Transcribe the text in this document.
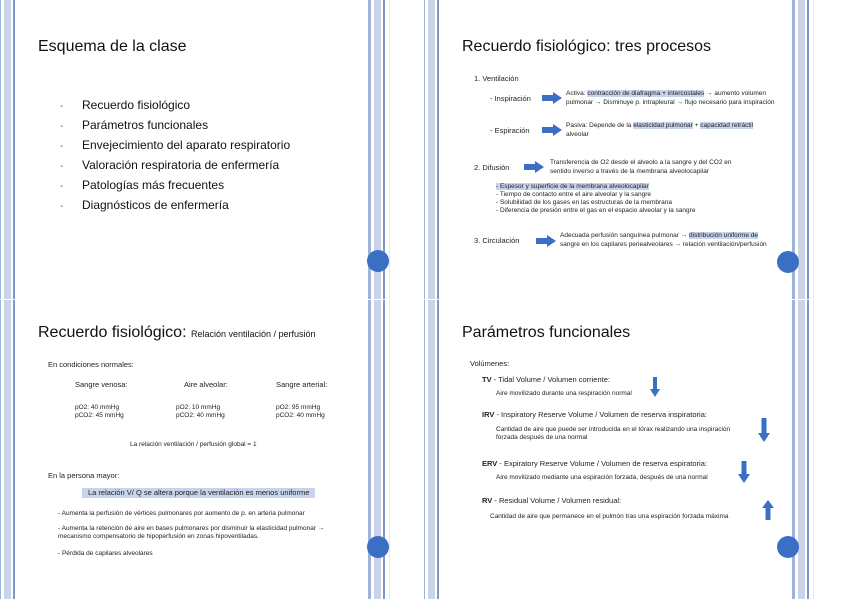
Esquema de la clase
- Recuerdo fisiológico
- Parámetros funcionales
- Envejecimiento del aparato respiratorio
- Valoración respiratoria de enfermería
- Patologías más frecuentes
- Diagnósticos de enfermería
Recuerdo fisiológico: tres procesos
1. Ventilación
- Inspiración
Activa: contracción de diafragma + intercostales → aumento volumen
pulmonar → Disminuye p. intrapleural → flujo necesario para inspiración
- Espiración
Pasiva: Depende de la elasticidad pulmonar + capacidad retráctil
alveolar
2. Difusión
Transferencia de O2 desde el alveolo a la sangre y del CO2 en
sentido inverso a través de la membrana alveolocapilar
- Espesor y superficie de la membrana alveolocapilar
- Tiempo de contacto entre el aire alveolar y la sangre
- Solubilidad de los gases en las estructuras de la membrana
- Diferencia de presión entre el gas en el espacio alveolar y la sangre
3. Circulación
Adecuada perfusión sanguínea pulmonar → distribución uniforme de
sangre en los capilares periealveolares → relación ventilación/perfusión
Recuerdo fisiológico: Relación ventilación / perfusión
En condiciones normales:
Sangre venosa:	Aire alveolar:	Sangre arterial:
pO2: 40 mmHg
pCO2: 45 mmHg
pO2: 10 mmHg
pCO2: 40 mmHg
pO2: 95 mmHg
pCO2: 40 mmHg
La relación ventilación / perfusión global = 1
En la persona mayor:
La relación V/ Q se altera porque la ventilación es menos uniforme
- Aumenta la perfusión de vértices pulmonares por aumento de p. en arteria pulmonar
- Aumenta la retención de aire en bases pulmonares por disminuir la elasticidad pulmonar →
mecanismo compensatorio de hipoperfusión en zonas hipoventiladas.
- Pérdida de capilares alveolares
Parámetros funcionales
Volúmenes:
TV - Tidal Volume / Volumen corriente:
Aire movilizado durante una respiración normal
IRV - Inspiratory Reserve Volume / Volumen de reserva inspiratoria:
Cantidad de aire que puede ser introducida en el tórax realizando una inspiración
forzada después de una normal
ERV - Expiratory Reserve Volume / Volumen de reserva espiratoria:
Aire movilizado mediante una espiración forzada, después de una normal
RV - Residual Volume / Volumen residual:
Cantidad de aire que permanece en el pulmón tras una espiración forzada máxima
